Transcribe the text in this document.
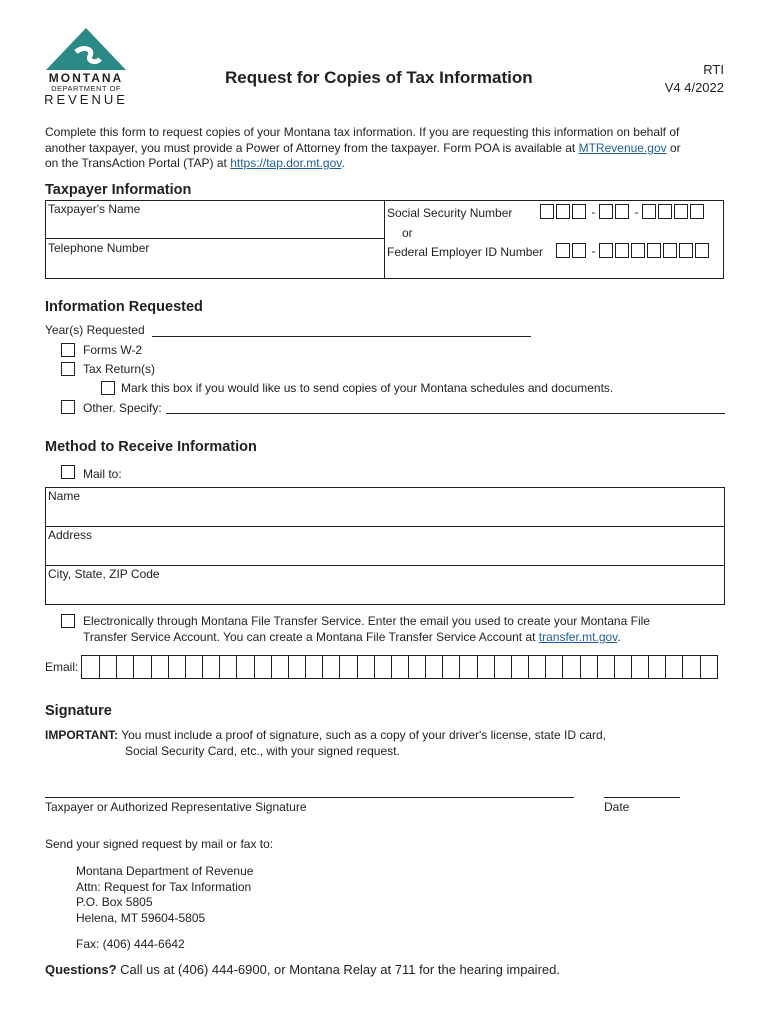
MONTANA
DEPARTMENT OF
REVENUE
Request for Copies of Tax Information	RTI
V4 4/2022
Complete this form to request copies of your Montana tax information. If you are requesting this information on behalf of
another taxpayer, you must provide a Power of Attorney from the taxpayer. Form POA is available at MTRevenue.gov or
on the TransAction Portal (TAP) at https://tap.dor.mt.gov.
Taxpayer Information
Taxpayer's Name
Telephone Number
Social Security Number	-	-
or
Federal Employer ID Number	-
Information Requested
Year(s) Requested
Forms W-2
Tax Return(s)
Mark this box if you would like us to send copies of your Montana schedules and documents.
Other. Specify:
Method to Receive Information
Mail to:
Name
Address
City, State, ZIP Code
Electronically through Montana File Transfer Service. Enter the email you used to create your Montana File
Transfer Service Account. You can create a Montana File Transfer Service Account at transfer.mt.gov.
Email:
Signature
IMPORTANT: You must include a proof of signature, such as a copy of your driver's license, state ID card,
Social Security Card, etc., with your signed request.
Taxpayer or Authorized Representative Signature	Date
Send your signed request by mail or fax to:
Montana Department of Revenue
Attn: Request for Tax Information
P.O. Box 5805
Helena, MT 59604-5805
Fax: (406) 444-6642
Questions? Call us at (406) 444-6900, or Montana Relay at 711 for the hearing impaired.
